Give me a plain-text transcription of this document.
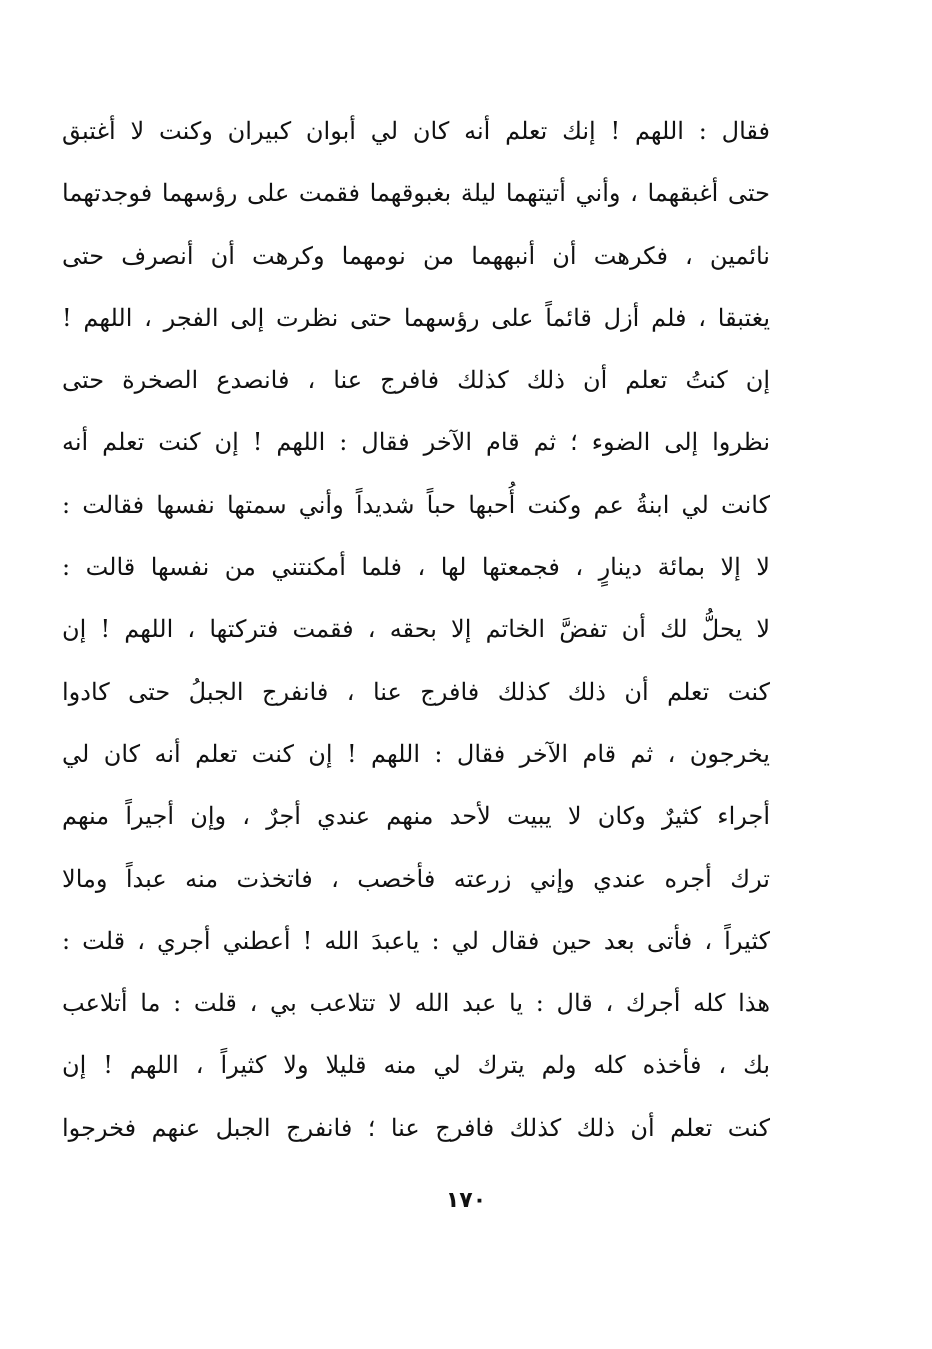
فقال : اللهم ! إنك تعلم أنه كان لي أبوان كبيران وكنت لا أغتبق
حتى أغبقهما ، وأني أتيتهما ليلة بغبوقهما فقمت على رؤسهما فوجدتهما
نائمين ، فكرهت أن أنبههما من نومهما وكرهت أن أنصرف حتى
يغتبقا ، فلم أزل قائماً على رؤسهما حتى نظرت إلى الفجر ، اللهم !
إن كنتُ تعلم أن ذلك كذلك فافرج عنا ، فانصدع الصخرة حتى
نظروا إلى الضوء ؛ ثم قام الآخر فقال : اللهم ! إن كنت تعلم أنه
كانت لي ابنةُ عم وكنت أُحبها حباً شديداً وأني سمتها نفسها فقالت :
لا إلا بمائة دينارٍ ، فجمعتها لها ، فلما أمكنتني من نفسها قالت :
لا يحلُّ لك أن تفضَّ الخاتم إلا بحقه ، فقمت فتركتها ، اللهم ! إن
كنت تعلم أن ذلك كذلك فافرج عنا ، فانفرج الجبلُ حتى كادوا
يخرجون ، ثم قام الآخر فقال : اللهم ! إن كنت تعلم أنه كان لي
أجراء كثيرٌ وكان لا يبيت لأحد منهم عندي أجرٌ ، وإن أجيراً منهم
ترك أجره عندي وإني زرعته فأخصب ، فاتخذت منه عبداً ومالا
كثيراً ، فأتى بعد حين فقال لي : ياعبدَ الله ! أعطني أجري ، قلت :
هذا كله أجرك ، قال : يا عبد الله لا تتلاعب بي ، قلت : ما أتلاعب
بك ، فأخذه كله ولم يترك لي منه قليلا ولا كثيراً ، اللهم ! إن
كنت تعلم أن ذلك كذلك فافرج عنا ؛ فانفرج الجبل عنهم فخرجوا
١٧٠
